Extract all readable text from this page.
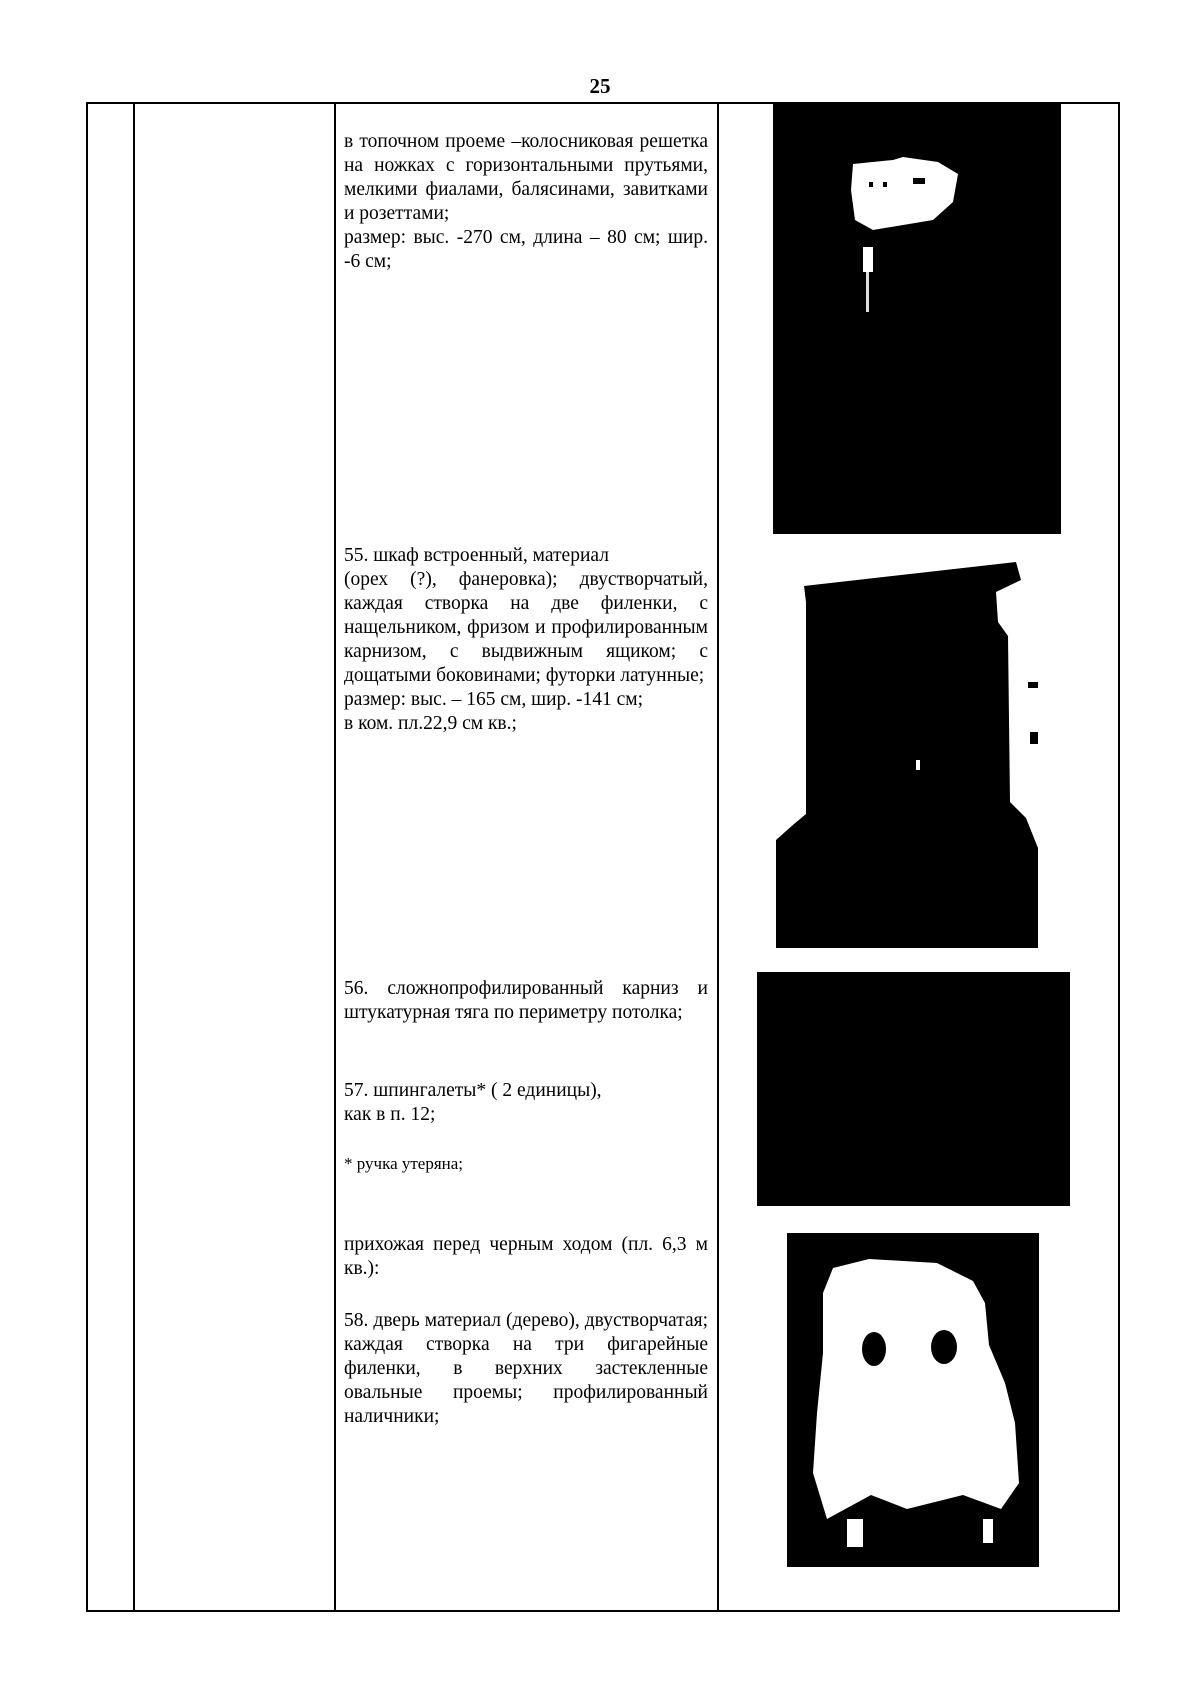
25

в топочном проеме –колосниковая решетка на ножках с горизонтальными прутьями, мелкими фиалами, балясинами, завитками и розеттами;

размер: выс. -270 см, длина – 80 см; шир. -6 см;

55. шкаф встроенный, материал

(орех (?), фанеровка); двустворчатый, каждая створка на две филенки, с нащельником, фризом и профилированным карнизом, с выдвижным ящиком; с дощатыми боковинами; футорки латунные;

размер: выс. – 165 см, шир. -141 см;

в ком. пл.22,9 см кв.;

56. сложнопрофилированный карниз и штукатурная тяга по периметру потолка;

57. шпингалеты* ( 2 единицы),

как в п. 12;

* ручка утеряна;
прихожая перед черным ходом (пл. 6,3 м кв.):
58. дверь материал (дерево), двустворчатая; каждая створка на три фигарейные филенки, в верхних застекленные овальные проемы; профилированный наличники;
